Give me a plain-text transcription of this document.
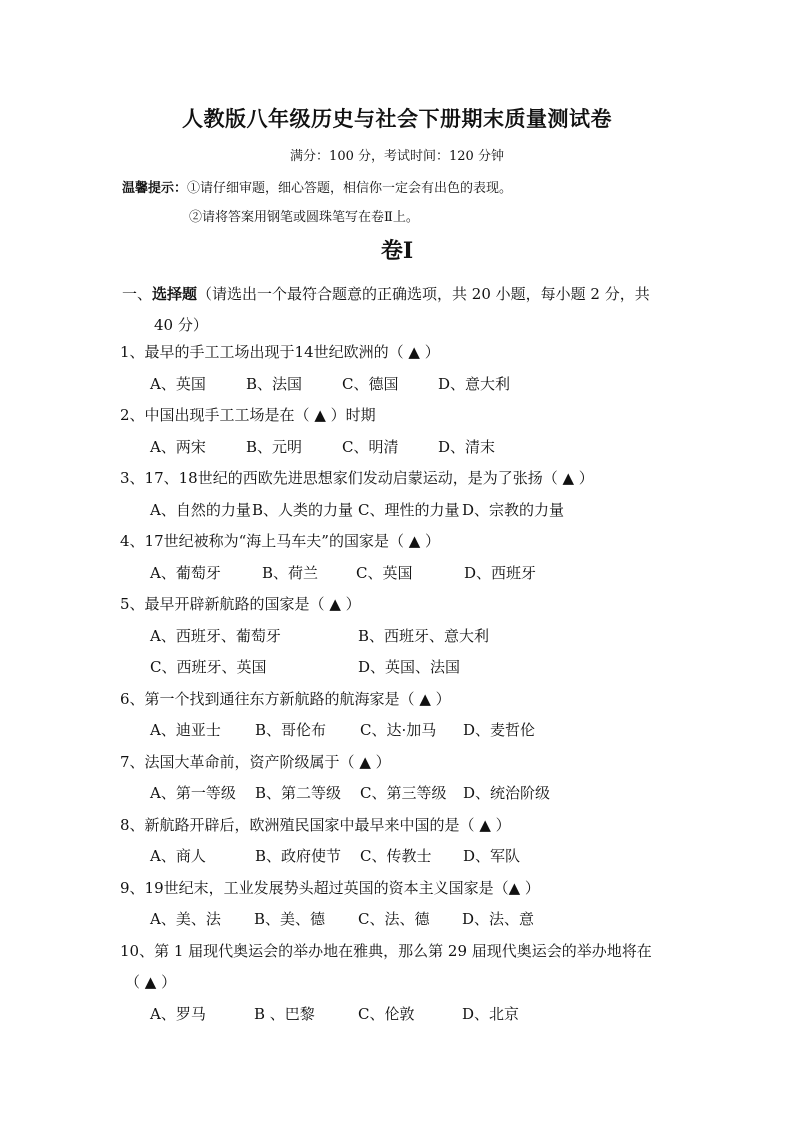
人教版八年级历史与社会下册期末质量测试卷
满分：100 分，考试时间：120 分钟
温馨提示：①请仔细审题，细心答题，相信你一定会有出色的表现。
②请将答案用钢笔或圆珠笔写在卷Ⅱ上。
卷Ⅰ
一、选择题（请选出一个最符合题意的正确选项，共 20 小题，每小题 2 分，共
40 分）
1、最早的手工工场出现于14世纪欧洲的（ ▲ ）
A、英国	B、法国	C、德国	D、意大利
2、中国出现手工工场是在（ ▲ ）时期
A、两宋	B、元明	C、明清	D、清末
3、17、18世纪的西欧先进思想家们发动启蒙运动，是为了张扬（ ▲ ）
A、自然的力量 B、人类的力量 C、理性的力量 D、宗教的力量
4、17世纪被称为“海上马车夫”的国家是（ ▲ ）
A、葡萄牙	B、荷兰	C、英国	D、西班牙
5、最早开辟新航路的国家是（ ▲ ）
A、西班牙、葡萄牙	B、西班牙、意大利
C、西班牙、英国	D、英国、法国
6、第一个找到通往东方新航路的航海家是（ ▲ ）
A、迪亚士 B、哥伦布 C、达·加马 D、麦哲伦
7、法国大革命前，资产阶级属于（ ▲ ）
A、第一等级 B、第二等级 C、第三等级 D、统治阶级
8、新航路开辟后，欧洲殖民国家中最早来中国的是（ ▲ ）
A、商人	B、政府使节 C、传教士 D、军队
9、19世纪末，工业发展势头超过英国的资本主义国家是（▲ ）
A、美、法 B、美、德 C、法、德 D、法、意
10、第 1 届现代奥运会的举办地在雅典，那么第 29 届现代奥运会的举办地将在
（ ▲ ）
A、罗马	B 、巴黎	C、伦敦	D、北京
